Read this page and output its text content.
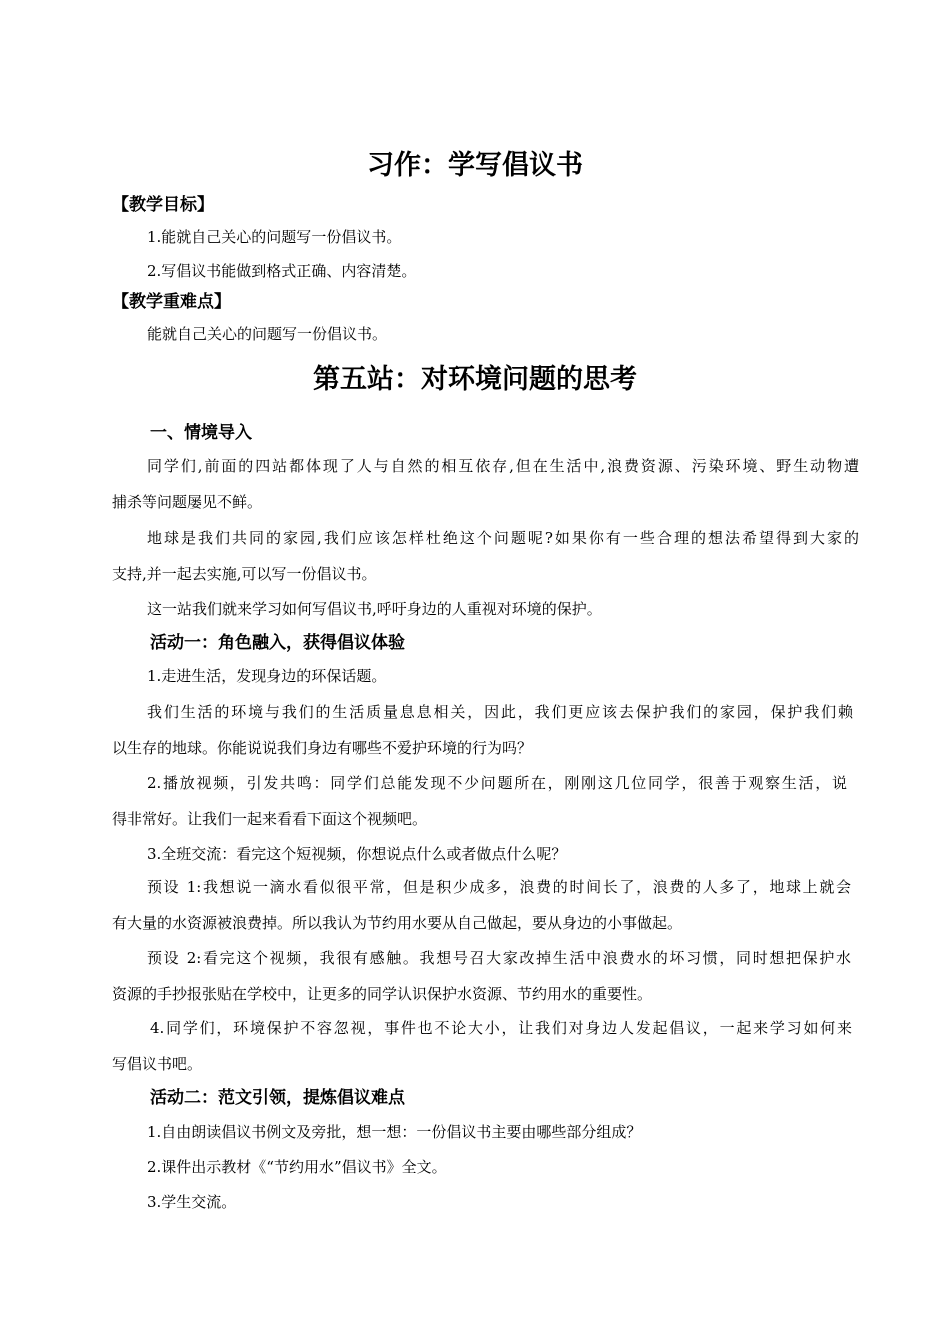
习作：学写倡议书
【教学目标】
1.能就自己关心的问题写一份倡议书。
2.写倡议书能做到格式正确、内容清楚。
【教学重难点】
能就自己关心的问题写一份倡议书。
第五站：对环境问题的思考
一、情境导入
同学们,前面的四站都体现了人与自然的相互依存,但在生活中,浪费资源、污染环境、野生动物遭
捕杀等问题屡见不鲜。
地球是我们共同的家园,我们应该怎样杜绝这个问题呢?如果你有一些合理的想法希望得到大家的
支持,并一起去实施,可以写一份倡议书。
这一站我们就来学习如何写倡议书,呼吁身边的人重视对环境的保护。
活动一：角色融入，获得倡议体验
1.走进生活，发现身边的环保话题。
我们生活的环境与我们的生活质量息息相关，因此，我们更应该去保护我们的家园，保护我们赖
以生存的地球。你能说说我们身边有哪些不爱护环境的行为吗？
2.播放视频，引发共鸣：同学们总能发现不少问题所在，刚刚这几位同学，很善于观察生活，说
得非常好。让我们一起来看看下面这个视频吧。
3.全班交流：看完这个短视频，你想说点什么或者做点什么呢？
预设 1:我想说一滴水看似很平常，但是积少成多，浪费的时间长了，浪费的人多了，地球上就会
有大量的水资源被浪费掉。所以我认为节约用水要从自己做起，要从身边的小事做起。
预设 2:看完这个视频，我很有感触。我想号召大家改掉生活中浪费水的坏习惯，同时想把保护水
资源的手抄报张贴在学校中，让更多的同学认识保护水资源、节约用水的重要性。
4.同学们，环境保护不容忽视，事件也不论大小，让我们对身边人发起倡议，一起来学习如何来
写倡议书吧。
活动二：范文引领，提炼倡议难点
1.自由朗读倡议书例文及旁批，想一想：一份倡议书主要由哪些部分组成？
2.课件出示教材《“节约用水”倡议书》全文。
3.学生交流。
